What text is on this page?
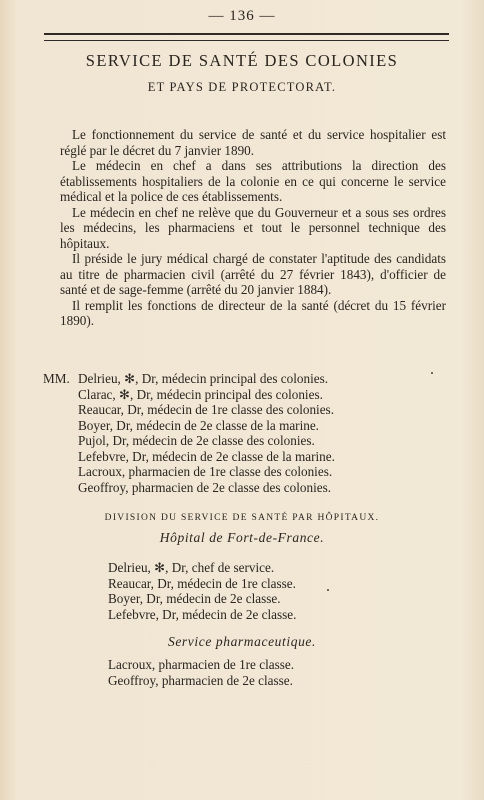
— 136 —
SERVICE DE SANTÉ DES COLONIES
ET PAYS DE PROTECTORAT.

Le fonctionnement du service de santé et du service hospitalier est réglé par le décret du 7 janvier 1890.

Le médecin en chef a dans ses attributions la direction des établissements hospitaliers de la colonie en ce qui concerne le service médical et la police de ces établissements.

Le médecin en chef ne relève que du Gouverneur et a sous ses ordres les médecins, les pharmaciens et tout le personnel technique des hôpitaux.

Il préside le jury médical chargé de constater l'aptitude des candidats au titre de pharmacien civil (arrêté du 27 février 1843), d'officier de santé et de sage-femme (arrêté du 20 janvier 1884).

Il remplit les fonctions de directeur de la santé (décret du 15 février 1890).

MM. Delrieu, ✻, Dr, médecin principal des colonies.
Clarac, ✻, Dr, médecin principal des colonies.
Reaucar, Dr, médecin de 1re classe des colonies.
Boyer, Dr, médecin de 2e classe de la marine.
Pujol, Dr, médecin de 2e classe des colonies.
Lefebvre, Dr, médecin de 2e classe de la marine.
Lacroux, pharmacien de 1re classe des colonies.
Geoffroy, pharmacien de 2e classe des colonies.
DIVISION DU SERVICE DE SANTÉ PAR HÔPITAUX.
Hôpital de Fort-de-France.
Delrieu, ✻, Dr, chef de service.
Reaucar, Dr, médecin de 1re classe.
Boyer, Dr, médecin de 2e classe.
Lefebvre, Dr, médecin de 2e classe.
Service pharmaceutique.
Lacroux, pharmacien de 1re classe.
Geoffroy, pharmacien de 2e classe.
